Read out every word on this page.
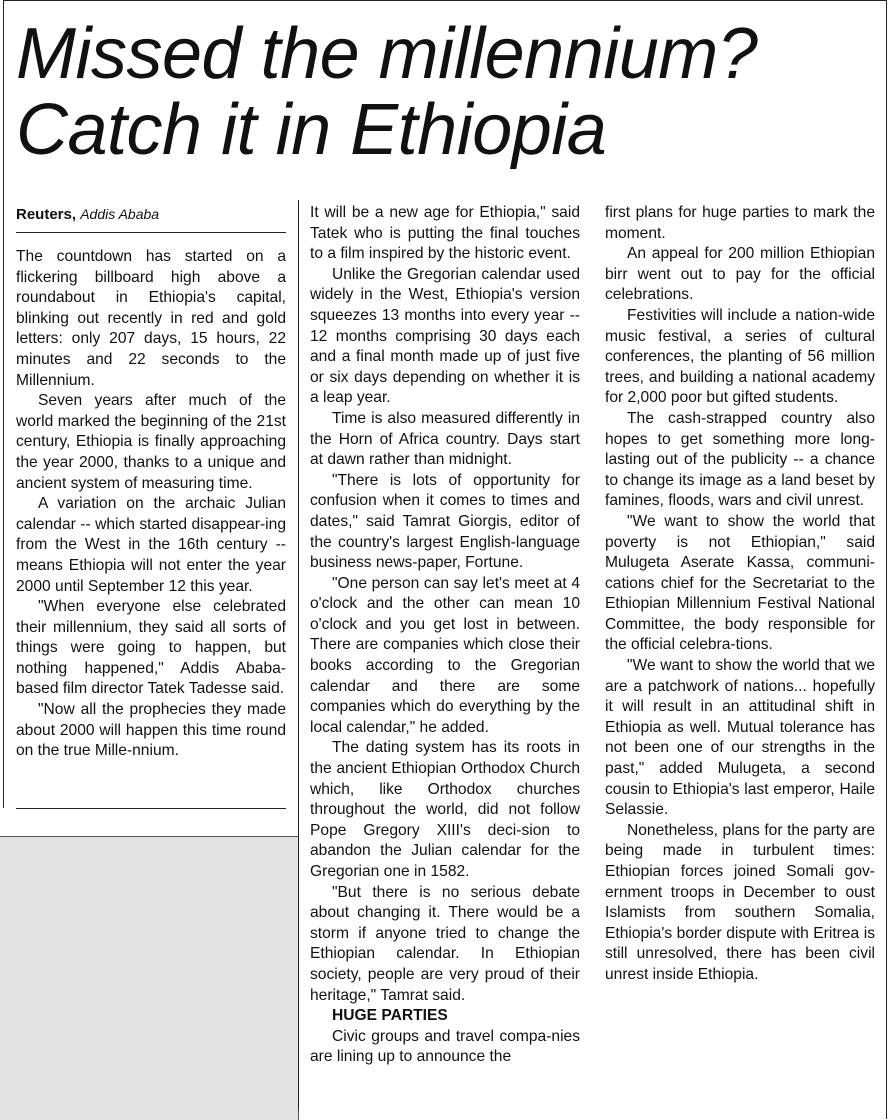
Missed the millennium?
Catch it in Ethiopia
Reuters, Addis Ababa

The countdown has started on a flickering billboard high above a roundabout in Ethiopia's capital, blinking out recently in red and gold letters: only 207 days, 15 hours, 22 minutes and 22 seconds to the Millennium.

Seven years after much of the world marked the beginning of the 21st century, Ethiopia is finally approaching the year 2000, thanks to a unique and ancient system of measuring time.

A variation on the archaic Julian calendar -- which started disappear-ing from the West in the 16th century -- means Ethiopia will not enter the year 2000 until September 12 this year.

"When everyone else celebrated their millennium, they said all sorts of things were going to happen, but nothing happened," Addis Ababa-based film director Tatek Tadesse said.

"Now all the prophecies they made about 2000 will happen this time round on the true Mille-nnium.

It will be a new age for Ethiopia," said Tatek who is putting the final touches to a film inspired by the historic event.

Unlike the Gregorian calendar used widely in the West, Ethiopia's version squeezes 13 months into every year -- 12 months comprising 30 days each and a final month made up of just five or six days depending on whether it is a leap year.

Time is also measured differently in the Horn of Africa country. Days start at dawn rather than midnight.

"There is lots of opportunity for confusion when it comes to times and dates," said Tamrat Giorgis, editor of the country's largest English-language business news-paper, Fortune.

"One person can say let's meet at 4 o'clock and the other can mean 10 o'clock and you get lost in between. There are companies which close their books according to the Gregorian calendar and there are some companies which do everything by the local calendar," he added.

The dating system has its roots in the ancient Ethiopian Orthodox Church which, like Orthodox churches throughout the world, did not follow Pope Gregory XIII's deci-sion to abandon the Julian calendar for the Gregorian one in 1582.

"But there is no serious debate about changing it. There would be a storm if anyone tried to change the Ethiopian calendar. In Ethiopian society, people are very proud of their heritage," Tamrat said.

HUGE PARTIES

Civic groups and travel compa-nies are lining up to announce the

first plans for huge parties to mark the moment.

An appeal for 200 million Ethiopian birr went out to pay for the official celebrations.

Festivities will include a nation-wide music festival, a series of cultural conferences, the planting of 56 million trees, and building a national academy for 2,000 poor but gifted students.

The cash-strapped country also hopes to get something more long-lasting out of the publicity -- a chance to change its image as a land beset by famines, floods, wars and civil unrest.

"We want to show the world that poverty is not Ethiopian," said Mulugeta Aserate Kassa, communi-cations chief for the Secretariat to the Ethiopian Millennium Festival National Committee, the body responsible for the official celebra-tions.

"We want to show the world that we are a patchwork of nations... hopefully it will result in an attitudinal shift in Ethiopia as well. Mutual tolerance has not been one of our strengths in the past," added Mulugeta, a second cousin to Ethiopia's last emperor, Haile Selassie.

Nonetheless, plans for the party are being made in turbulent times: Ethiopian forces joined Somali gov-ernment troops in December to oust Islamists from southern Somalia, Ethiopia's border dispute with Eritrea is still unresolved, there has been civil unrest inside Ethiopia.
